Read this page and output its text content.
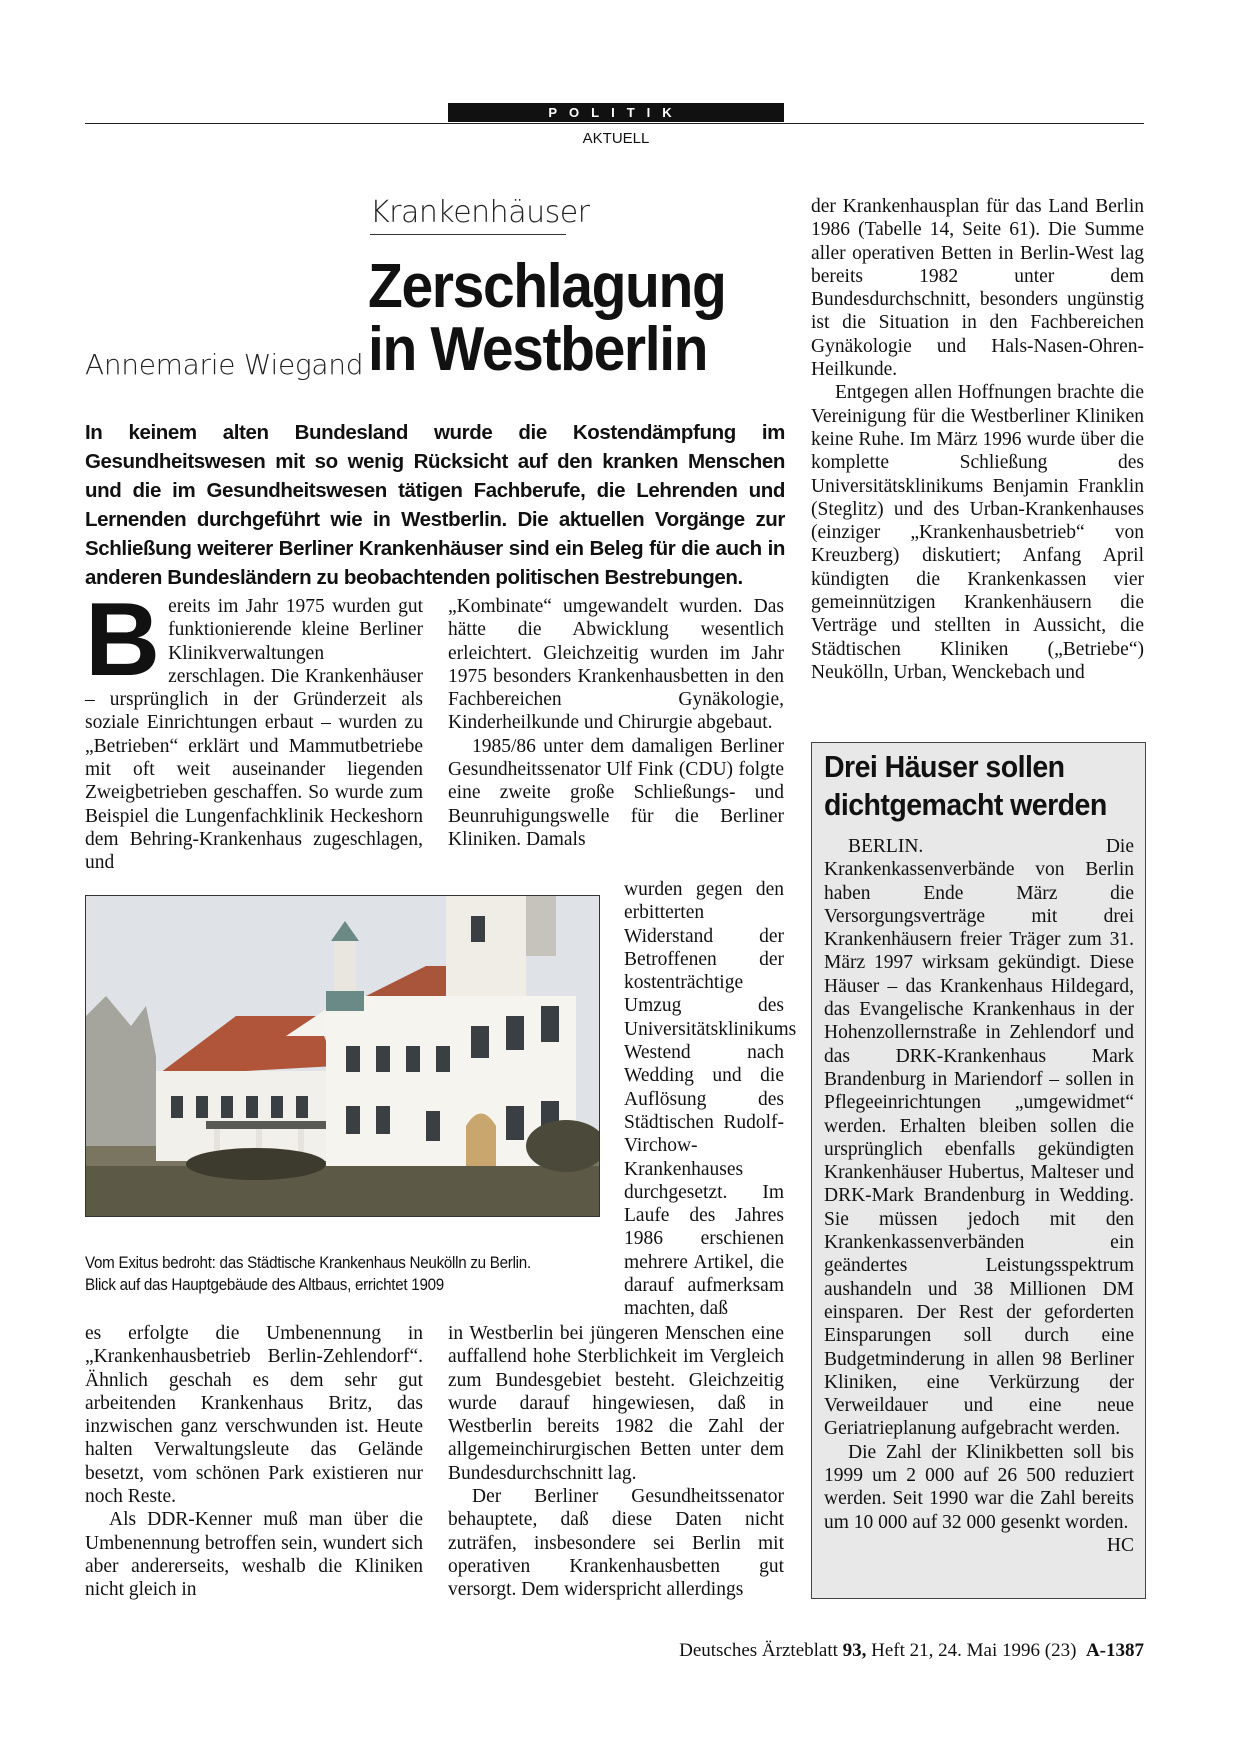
POLITIK
AKTUELL
Krankenhäuser
Zerschlagung
in Westberlin
Annemarie Wiegand
In keinem alten Bundesland wurde die Kostendämpfung im Gesundheitswesen mit so wenig Rücksicht auf den kranken Menschen und die im Gesundheitswesen tätigen Fachberufe, die Lehrenden und Lernenden durchgeführt wie in Westberlin. Die aktuellen Vorgänge zur Schließung weiterer Berliner Krankenhäuser sind ein Beleg für die auch in anderen Bundesländern zu beobachtenden politischen Bestrebungen.

Bereits im Jahr 1975 wurden gut funktionierende kleine Berliner Klinikverwaltungen zerschlagen. Die Krankenhäuser – ursprünglich in der Gründerzeit als soziale Einrichtungen erbaut – wurden zu „Betrieben“ erklärt und Mammutbetriebe mit oft weit auseinander liegenden Zweigbetrieben geschaffen. So wurde zum Beispiel die Lungenfachklinik Heckeshorn dem Behring-Krankenhaus zugeschlagen, und

Vom Exitus bedroht: das Städtische Krankenhaus Neukölln zu Berlin. Blick auf das Hauptgebäude des Altbaus, errichtet 1909

es erfolgte die Umbenennung in „Krankenhausbetrieb Berlin-Zehlendorf“. Ähnlich geschah es dem sehr gut arbeitenden Krankenhaus Britz, das inzwischen ganz verschwunden ist. Heute halten Verwaltungsleute das Gelände besetzt, vom schönen Park existieren nur noch Reste.

Als DDR-Kenner muß man über die Umbenennung betroffen sein, wundert sich aber andererseits, weshalb die Kliniken nicht gleich in

„Kombinate“ umgewandelt wurden. Das hätte die Abwicklung wesentlich erleichtert. Gleichzeitig wurden im Jahr 1975 besonders Krankenhausbetten in den Fachbereichen Gynäkologie, Kinderheilkunde und Chirurgie abgebaut.

1985/86 unter dem damaligen Berliner Gesundheitssenator Ulf Fink (CDU) folgte eine zweite große Schließungs- und Beunruhigungswelle für die Berliner Kliniken. Damals

wurden gegen den erbitterten Widerstand der Betroffenen der kostenträchtige Umzug des Universitätsklinikums Westend nach Wedding und die Auflösung des Städtischen Rudolf-Virchow-Krankenhauses durchgesetzt. Im Laufe des Jahres 1986 erschienen mehrere Artikel, die darauf aufmerksam machten, daß

in Westberlin bei jüngeren Menschen eine auffallend hohe Sterblichkeit im Vergleich zum Bundesgebiet besteht. Gleichzeitig wurde darauf hingewiesen, daß in Westberlin bereits 1982 die Zahl der allgemeinchirurgischen Betten unter dem Bundesdurchschnitt lag.

Der Berliner Gesundheitssenator behauptete, daß diese Daten nicht zuträfen, insbesondere sei Berlin mit operativen Krankenhausbetten gut versorgt. Dem widerspricht allerdings

der Krankenhausplan für das Land Berlin 1986 (Tabelle 14, Seite 61). Die Summe aller operativen Betten in Berlin-West lag bereits 1982 unter dem Bundesdurchschnitt, besonders ungünstig ist die Situation in den Fachbereichen Gynäkologie und Hals-Nasen-Ohren-Heilkunde.

Entgegen allen Hoffnungen brachte die Vereinigung für die Westberliner Kliniken keine Ruhe. Im März 1996 wurde über die komplette Schließung des Universitätsklinikums Benjamin Franklin (Steglitz) und des Urban-Krankenhauses (einziger „Krankenhausbetrieb“ von Kreuzberg) diskutiert; Anfang April kündigten die Krankenkassen vier gemeinnützigen Krankenhäusern die Verträge und stellten in Aussicht, die Städtischen Kliniken („Betriebe“) Neukölln, Urban, Wenckebach und

Drei Häuser sollen dichtgemacht werden

BERLIN. Die Krankenkassenverbände von Berlin haben Ende März die Versorgungsverträge mit drei Krankenhäusern freier Träger zum 31. März 1997 wirksam gekündigt. Diese Häuser – das Krankenhaus Hildegard, das Evangelische Krankenhaus in der Hohenzollernstraße in Zehlendorf und das DRK-Krankenhaus Mark Brandenburg in Mariendorf – sollen in Pflegeeinrichtungen „umgewidmet“ werden. Erhalten bleiben sollen die ursprünglich ebenfalls gekündigten Krankenhäuser Hubertus, Malteser und DRK-Mark Brandenburg in Wedding. Sie müssen jedoch mit den Krankenkassenverbänden ein geändertes Leistungsspektrum aushandeln und 38 Millionen DM einsparen. Der Rest der geforderten Einsparungen soll durch eine Budgetminderung in allen 98 Berliner Kliniken, eine Verkürzung der Verweildauer und eine neue Geriatrieplanung aufgebracht werden.

Die Zahl der Klinikbetten soll bis 1999 um 2 000 auf 26 500 reduziert werden. Seit 1990 war die Zahl bereits um 10 000 auf 32 000 gesenkt worden.
HC

Deutsches Ärzteblatt 93, Heft 21, 24. Mai 1996 (23) A-1387
